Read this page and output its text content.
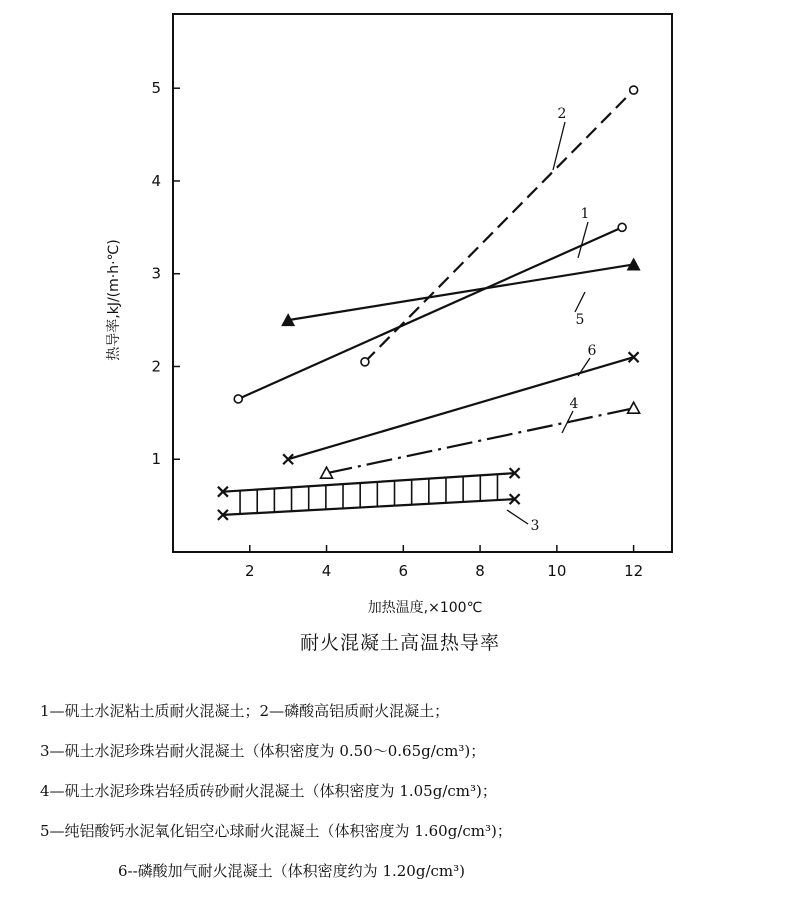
2	4	6	8	10	12
1
2
3
4
5
1
2
3
4
5
6
热导率,kJ/(m·h·℃)
加热温度,×100℃
耐火混凝土高温热导率
1—矾土水泥粘土质耐火混凝土；2—磷酸高铝质耐火混凝土；
3—矾土水泥珍珠岩耐火混凝土（体积密度为 0.50～0.65g/cm³)；
4—矾土水泥珍珠岩轻质砖砂耐火混凝土（体积密度为 1.05g/cm³)；
5—纯铝酸钙水泥氧化铝空心球耐火混凝土（体积密度为 1.60g/cm³)；
6--磷酸加气耐火混凝土（体积密度约为 1.20g/cm³)
